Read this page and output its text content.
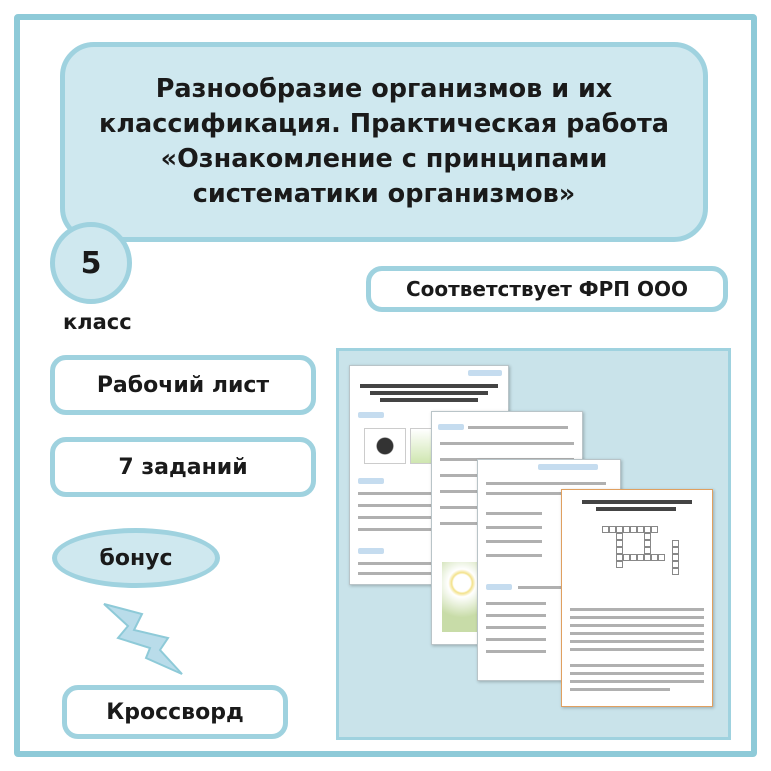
Разнообразие организмов и их классификация. Практическая работа «Ознакомление с принципами систематики организмов»
5
класс
Соответствует ФРП ООО
Рабочий лист
7 заданий
бонус
Кроссворд
